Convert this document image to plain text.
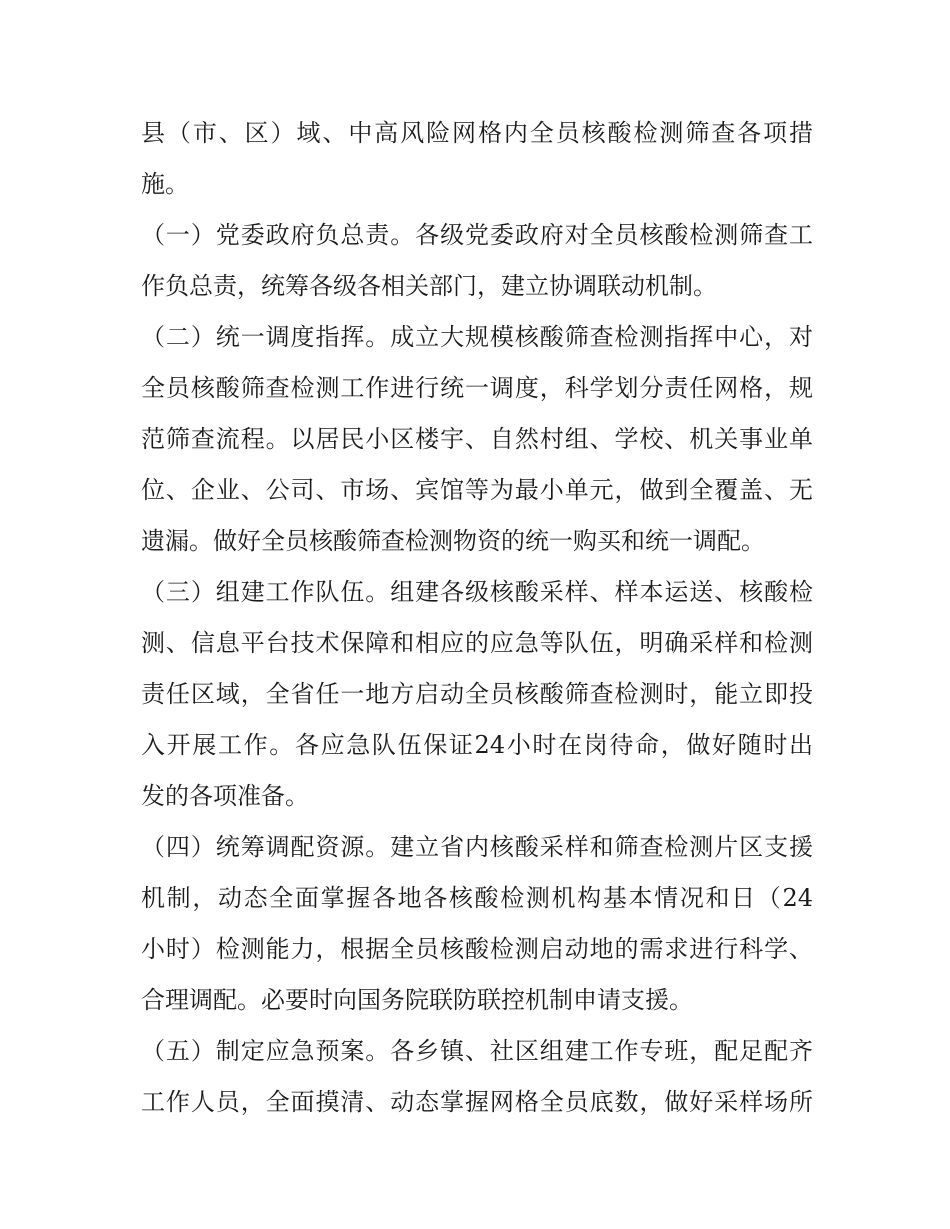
县（市、区）域、中高风险网格内全员核酸检测筛查各项措
施。
（一）党委政府负总责。各级党委政府对全员核酸检测筛查工
作负总责，统筹各级各相关部门，建立协调联动机制。
（二）统一调度指挥。成立大规模核酸筛查检测指挥中心，对
全员核酸筛查检测工作进行统一调度，科学划分责任网格，规
范筛查流程。以居民小区楼宇、自然村组、学校、机关事业单
位、企业、公司、市场、宾馆等为最小单元，做到全覆盖、无
遗漏。做好全员核酸筛查检测物资的统一购买和统一调配。
（三）组建工作队伍。组建各级核酸采样、样本运送、核酸检
测、信息平台技术保障和相应的应急等队伍，明确采样和检测
责任区域，全省任一地方启动全员核酸筛查检测时，能立即投
入开展工作。各应急队伍保证24小时在岗待命，做好随时出
发的各项准备。
（四）统筹调配资源。建立省内核酸采样和筛查检测片区支援
机制，动态全面掌握各地各核酸检测机构基本情况和日（24
小时）检测能力，根据全员核酸检测启动地的需求进行科学、
合理调配。必要时向国务院联防联控机制申请支援。
（五）制定应急预案。各乡镇、社区组建工作专班，配足配齐
工作人员，全面摸清、动态掌握网格全员底数，做好采样场所
